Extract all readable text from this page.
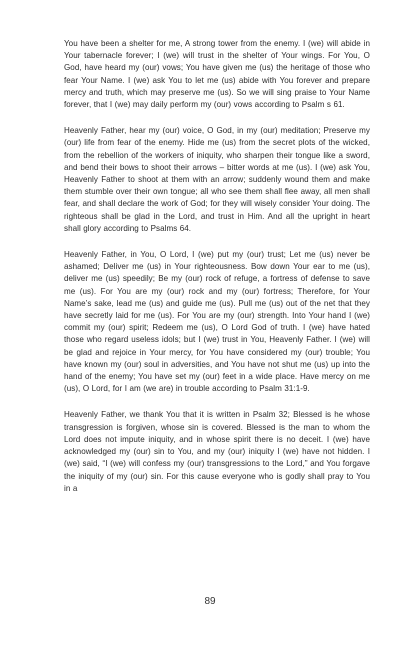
You have been a shelter for me, A strong tower from the enemy. I (we) will abide in Your tabernacle forever; I (we) will trust in the shelter of Your wings. For You, O God, have heard my (our) vows; You have given me (us) the heritage of those who fear Your Name. I (we) ask You to let me (us) abide with You forever and prepare mercy and truth, which may preserve me (us). So we will sing praise to Your Name forever, that I (we) may daily perform my (our) vows according to Psalm s 61.

Heavenly Father, hear my (our) voice, O God, in my (our) meditation; Preserve my (our) life from fear of the enemy. Hide me (us) from the secret plots of the wicked, from the rebellion of the workers of iniquity, who sharpen their tongue like a sword, and bend their bows to shoot their arrows – bitter words at me (us). I (we) ask You, Heavenly Father to shoot at them with an arrow; suddenly wound them and make them stumble over their own tongue; all who see them shall flee away, all men shall fear, and shall declare the work of God; for they will wisely consider Your doing. The righteous shall be glad in the Lord, and trust in Him. And all the upright in heart shall glory according to Psalms 64.

Heavenly Father, in You, O Lord, I (we) put my (our) trust; Let me (us) never be ashamed; Deliver me (us) in Your righteousness. Bow down Your ear to me (us), deliver me (us) speedily; Be my (our) rock of refuge, a fortress of defense to save me (us). For You are my (our) rock and my (our) fortress; Therefore, for Your Name’s sake, lead me (us) and guide me (us). Pull me (us) out of the net that they have secretly laid for me (us). For You are my (our) strength. Into Your hand I (we) commit my (our) spirit; Redeem me (us), O Lord God of truth. I (we) have hated those who regard useless idols; but I (we) trust in You, Heavenly Father. I (we) will be glad and rejoice in Your mercy, for You have considered my (our) trouble; You have known my (our) soul in adversities, and You have not shut me (us) up into the hand of the enemy; You have set my (our) feet in a wide place. Have mercy on me (us), O Lord, for I am (we are) in trouble according to Psalm 31:1-9.

Heavenly Father, we thank You that it is written in Psalm 32; Blessed is he whose transgression is forgiven, whose sin is covered. Blessed is the man to whom the Lord does not impute iniquity, and in whose spirit there is no deceit. I (we) have acknowledged my (our) sin to You, and my (our) iniquity I (we) have not hidden. I (we) said, “I (we) will confess my (our) transgressions to the Lord,” and You forgave the iniquity of my (our) sin. For this cause everyone who is godly shall pray to You in a

89
